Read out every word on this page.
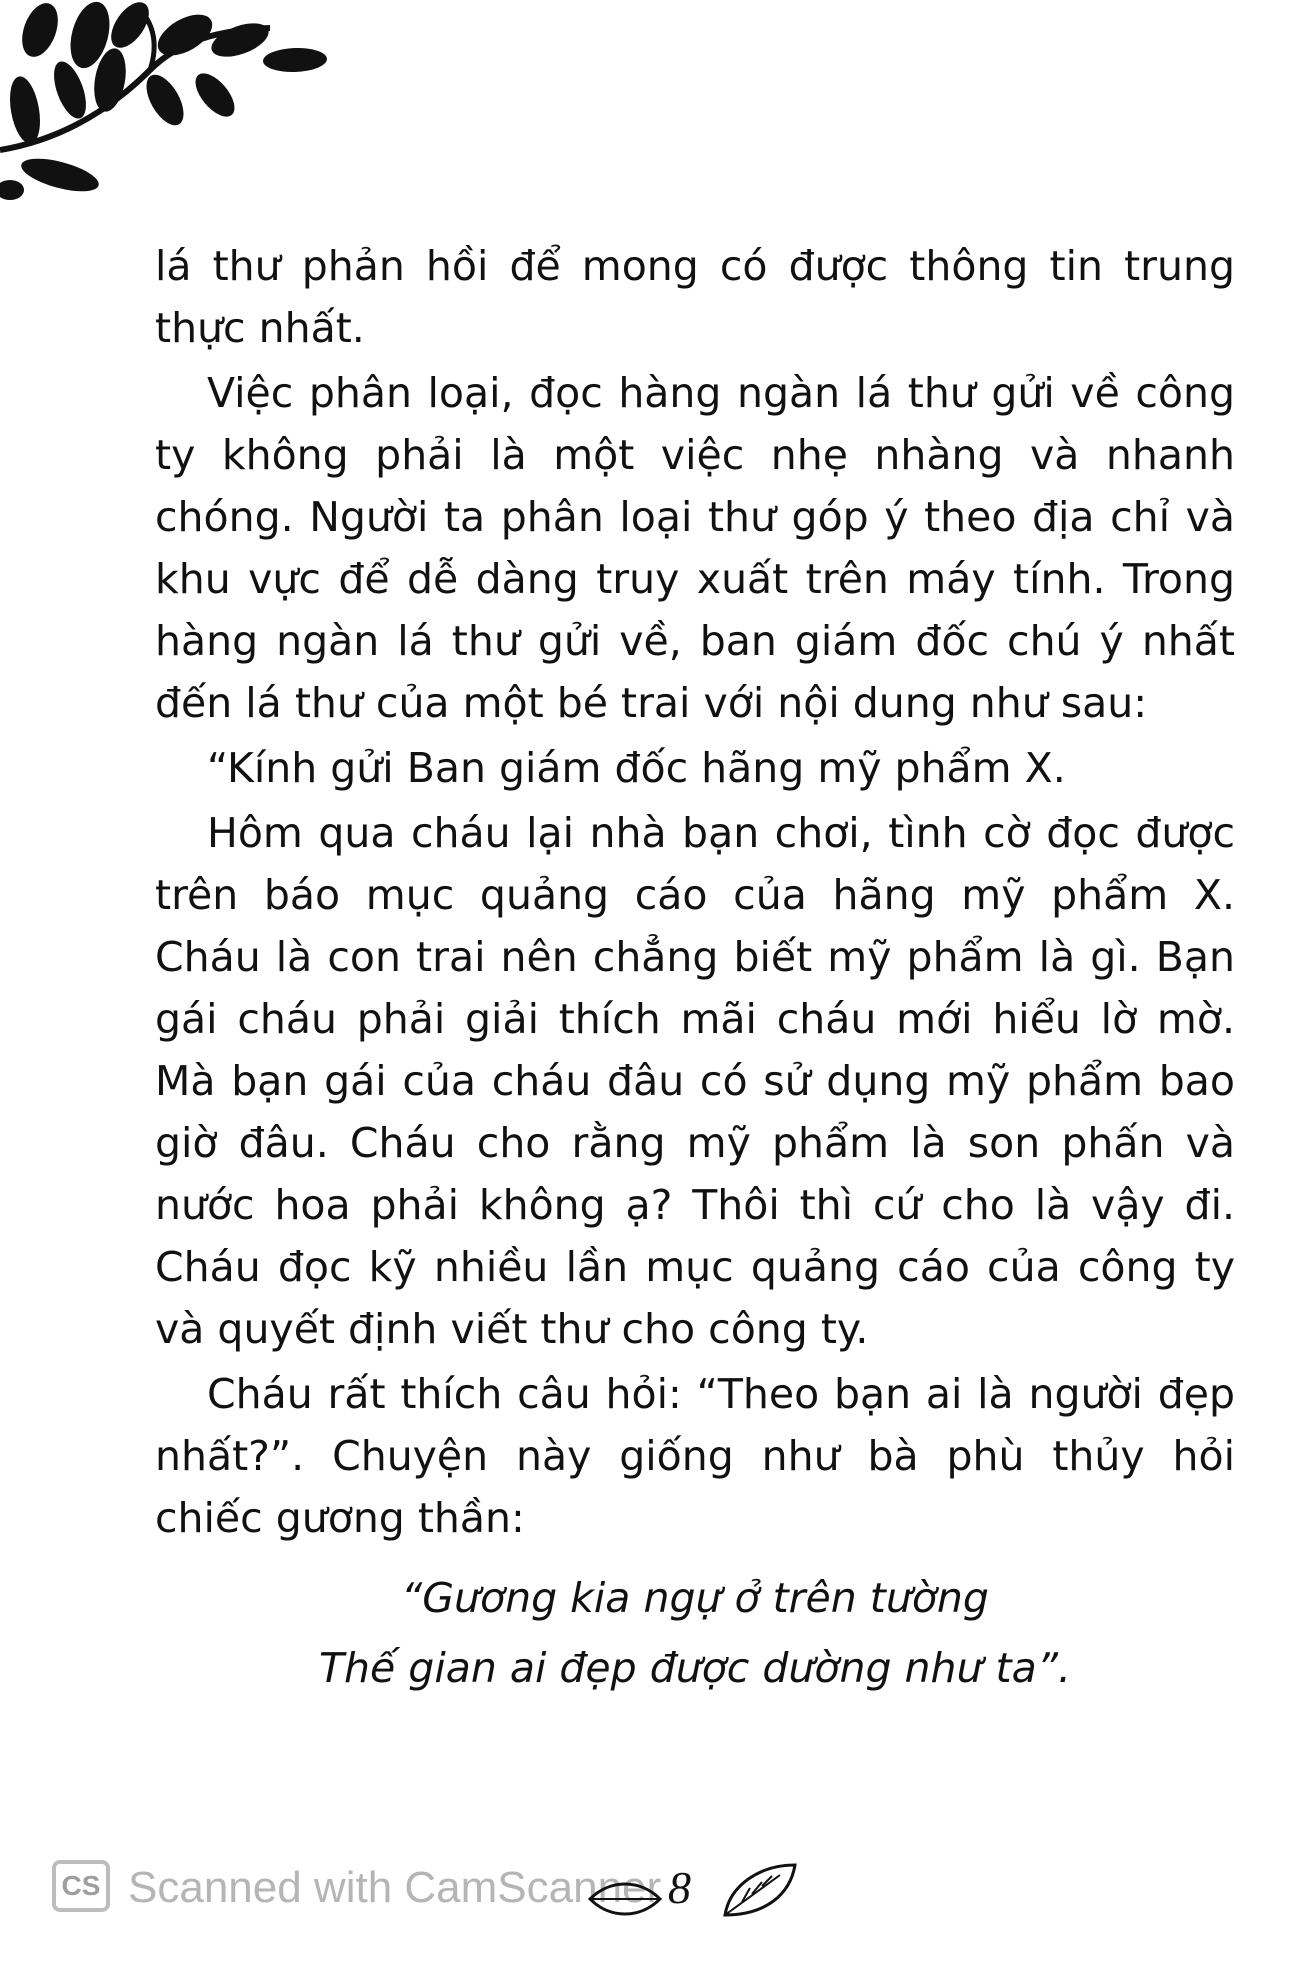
lá thư phản hồi để mong có được thông tin trung thực nhất.

Việc phân loại, đọc hàng ngàn lá thư gửi về công ty không phải là một việc nhẹ nhàng và nhanh chóng. Người ta phân loại thư góp ý theo địa chỉ và khu vực để dễ dàng truy xuất trên máy tính. Trong hàng ngàn lá thư gửi về, ban giám đốc chú ý nhất đến lá thư của một bé trai với nội dung như sau:

“Kính gửi Ban giám đốc hãng mỹ phẩm X.

Hôm qua cháu lại nhà bạn chơi, tình cờ đọc được trên báo mục quảng cáo của hãng mỹ phẩm X. Cháu là con trai nên chẳng biết mỹ phẩm là gì. Bạn gái cháu phải giải thích mãi cháu mới hiểu lờ mờ. Mà bạn gái của cháu đâu có sử dụng mỹ phẩm bao giờ đâu. Cháu cho rằng mỹ phẩm là son phấn và nước hoa phải không ạ? Thôi thì cứ cho là vậy đi. Cháu đọc kỹ nhiều lần mục quảng cáo của công ty và quyết định viết thư cho công ty.

Cháu rất thích câu hỏi: “Theo bạn ai là người đẹp nhất?”. Chuyện này giống như bà phù thủy hỏi chiếc gương thần:

“Gương kia ngự ở trên tường
Thế gian ai đẹp được dường như ta”.
CS Scanned with CamScanner 8
